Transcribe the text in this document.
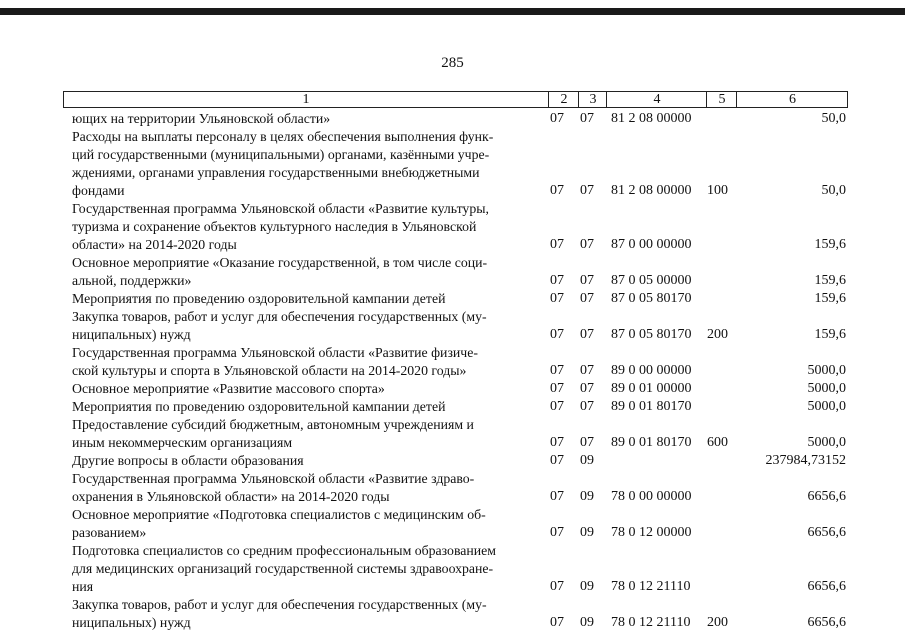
285
1	2	3	4	5	6
ющих на территории Ульяновской области»	07 07 81 2 08 00000	50,0
Расходы на выплаты персоналу в целях обеспечения выполнения функ-
ций государственными (муниципальными) органами, казёнными учре-
ждениями, органами управления государственными внебюджетными
фондами	07 07 81 2 08 00000	100	50,0
Государственная программа Ульяновской области «Развитие культуры,
туризма и сохранение объектов культурного наследия в Ульяновской
области» на 2014-2020 годы	07 07 87 0 00 00000	159,6
Основное мероприятие «Оказание государственной, в том числе соци-
альной, поддержки»	07 07 87 0 05 00000	159,6
Мероприятия по проведению оздоровительной кампании детей	07 07 87 0 05 80170	159,6
Закупка товаров, работ и услуг для обеспечения государственных (му-
ниципальных) нужд	07 07 87 0 05 80170	200	159,6
Государственная программа Ульяновской области «Развитие физиче-
ской культуры и спорта в Ульяновской области на 2014-2020 годы»	07 07 89 0 00 00000	5000,0
Основное мероприятие «Развитие массового спорта»	07 07 89 0 01 00000	5000,0
Мероприятия по проведению оздоровительной кампании детей	07 07 89 0 01 80170	5000,0
Предоставление субсидий бюджетным, автономным учреждениям и
иным некоммерческим организациям	07 07 89 0 01 80170	600	5000,0
Другие вопросы в области образования	07 09	237984,73152
Государственная программа Ульяновской области «Развитие здраво-
охранения в Ульяновской области» на 2014-2020 годы	07 09 78 0 00 00000	6656,6
Основное мероприятие «Подготовка специалистов с медицинским об-
разованием»	07 09 78 0 12 00000	6656,6
Подготовка специалистов со средним профессиональным образованием
для медицинских организаций государственной системы здравоохране-
ния	07 09 78 0 12 21110	6656,6
Закупка товаров, работ и услуг для обеспечения государственных (му-
ниципальных) нужд	07 09 78 0 12 21110	200	6656,6
